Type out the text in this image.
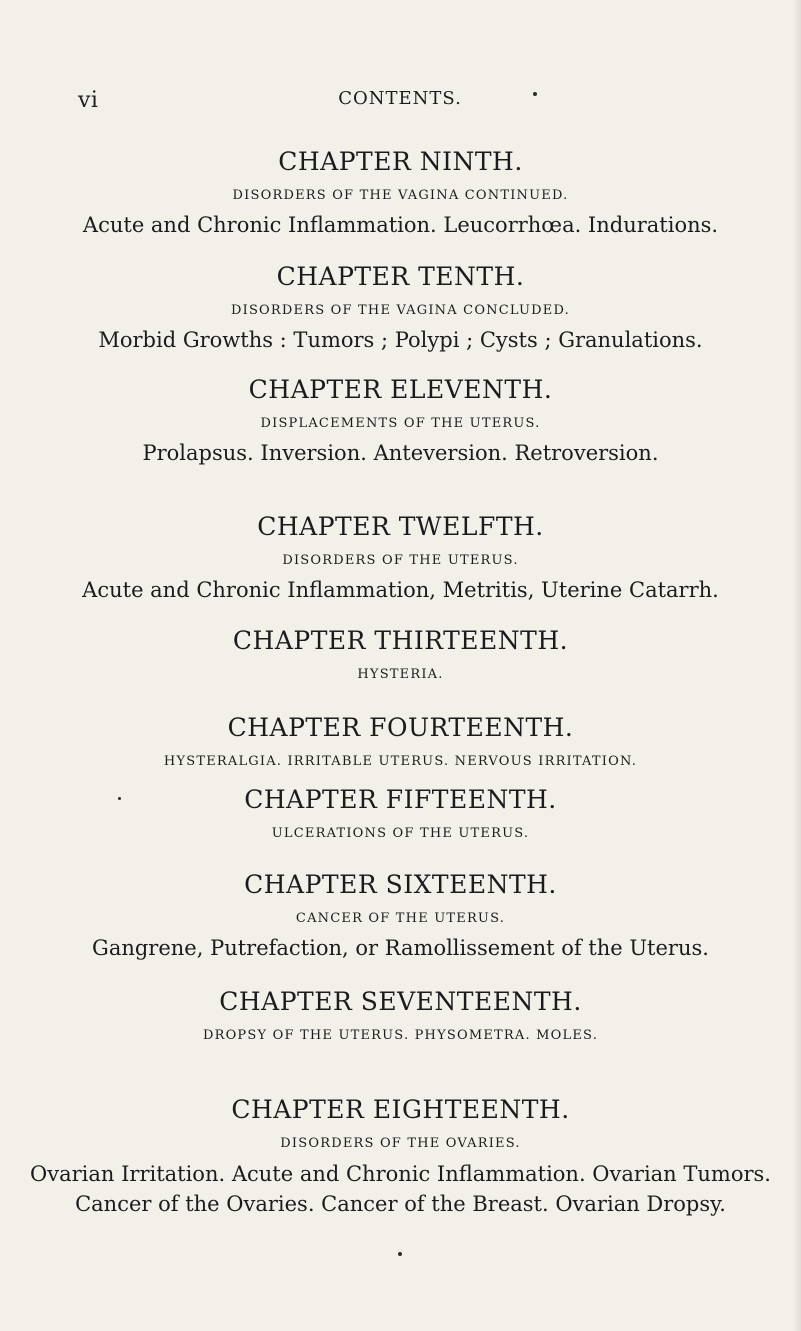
vi	CONTENTS.
CHAPTER NINTH.
DISORDERS OF THE VAGINA CONTINUED.
Acute and Chronic Inflammation. Leucorrhœa. Indurations.
CHAPTER TENTH.
DISORDERS OF THE VAGINA CONCLUDED.
Morbid Growths : Tumors ; Polypi ; Cysts ; Granulations.
CHAPTER ELEVENTH.
DISPLACEMENTS OF THE UTERUS.
Prolapsus. Inversion. Anteversion. Retroversion.
CHAPTER TWELFTH.
DISORDERS OF THE UTERUS.
Acute and Chronic Inflammation, Metritis, Uterine Catarrh.
CHAPTER THIRTEENTH.
HYSTERIA.
CHAPTER FOURTEENTH.
HYSTERALGIA. IRRITABLE UTERUS. NERVOUS IRRITATION.
CHAPTER FIFTEENTH.
ULCERATIONS OF THE UTERUS.
CHAPTER SIXTEENTH.
CANCER OF THE UTERUS.
Gangrene, Putrefaction, or Ramollissement of the Uterus.
CHAPTER SEVENTEENTH.
DROPSY OF THE UTERUS. PHYSOMETRA. MOLES.
CHAPTER EIGHTEENTH.
DISORDERS OF THE OVARIES.
Ovarian Irritation. Acute and Chronic Inflammation. Ovarian Tumors.
Cancer of the Ovaries. Cancer of the Breast. Ovarian Dropsy.
